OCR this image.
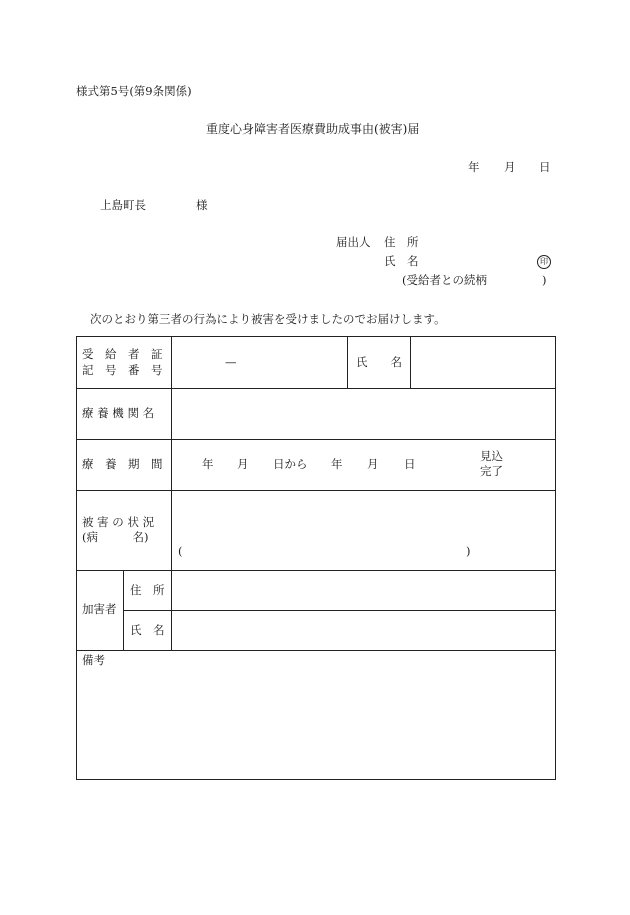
様式第5号(第9条関係)
重度心身障害者医療費助成事由(被害)届
年 月 日
上島町長	様
届出人 住　所
氏　名	印
(受給者との続柄	)
次のとおり第三者の行為により被害を受けましたのでお届けします。
受　給　者　証
記　号　番　号
—	氏　　名
療 養 機 関 名
療　養　期　間	年 月 日から 年 月 日
見込
完了
被 害 の 状 況
(病　　　名)
(	)
加害者
住　所
氏　名
備考
